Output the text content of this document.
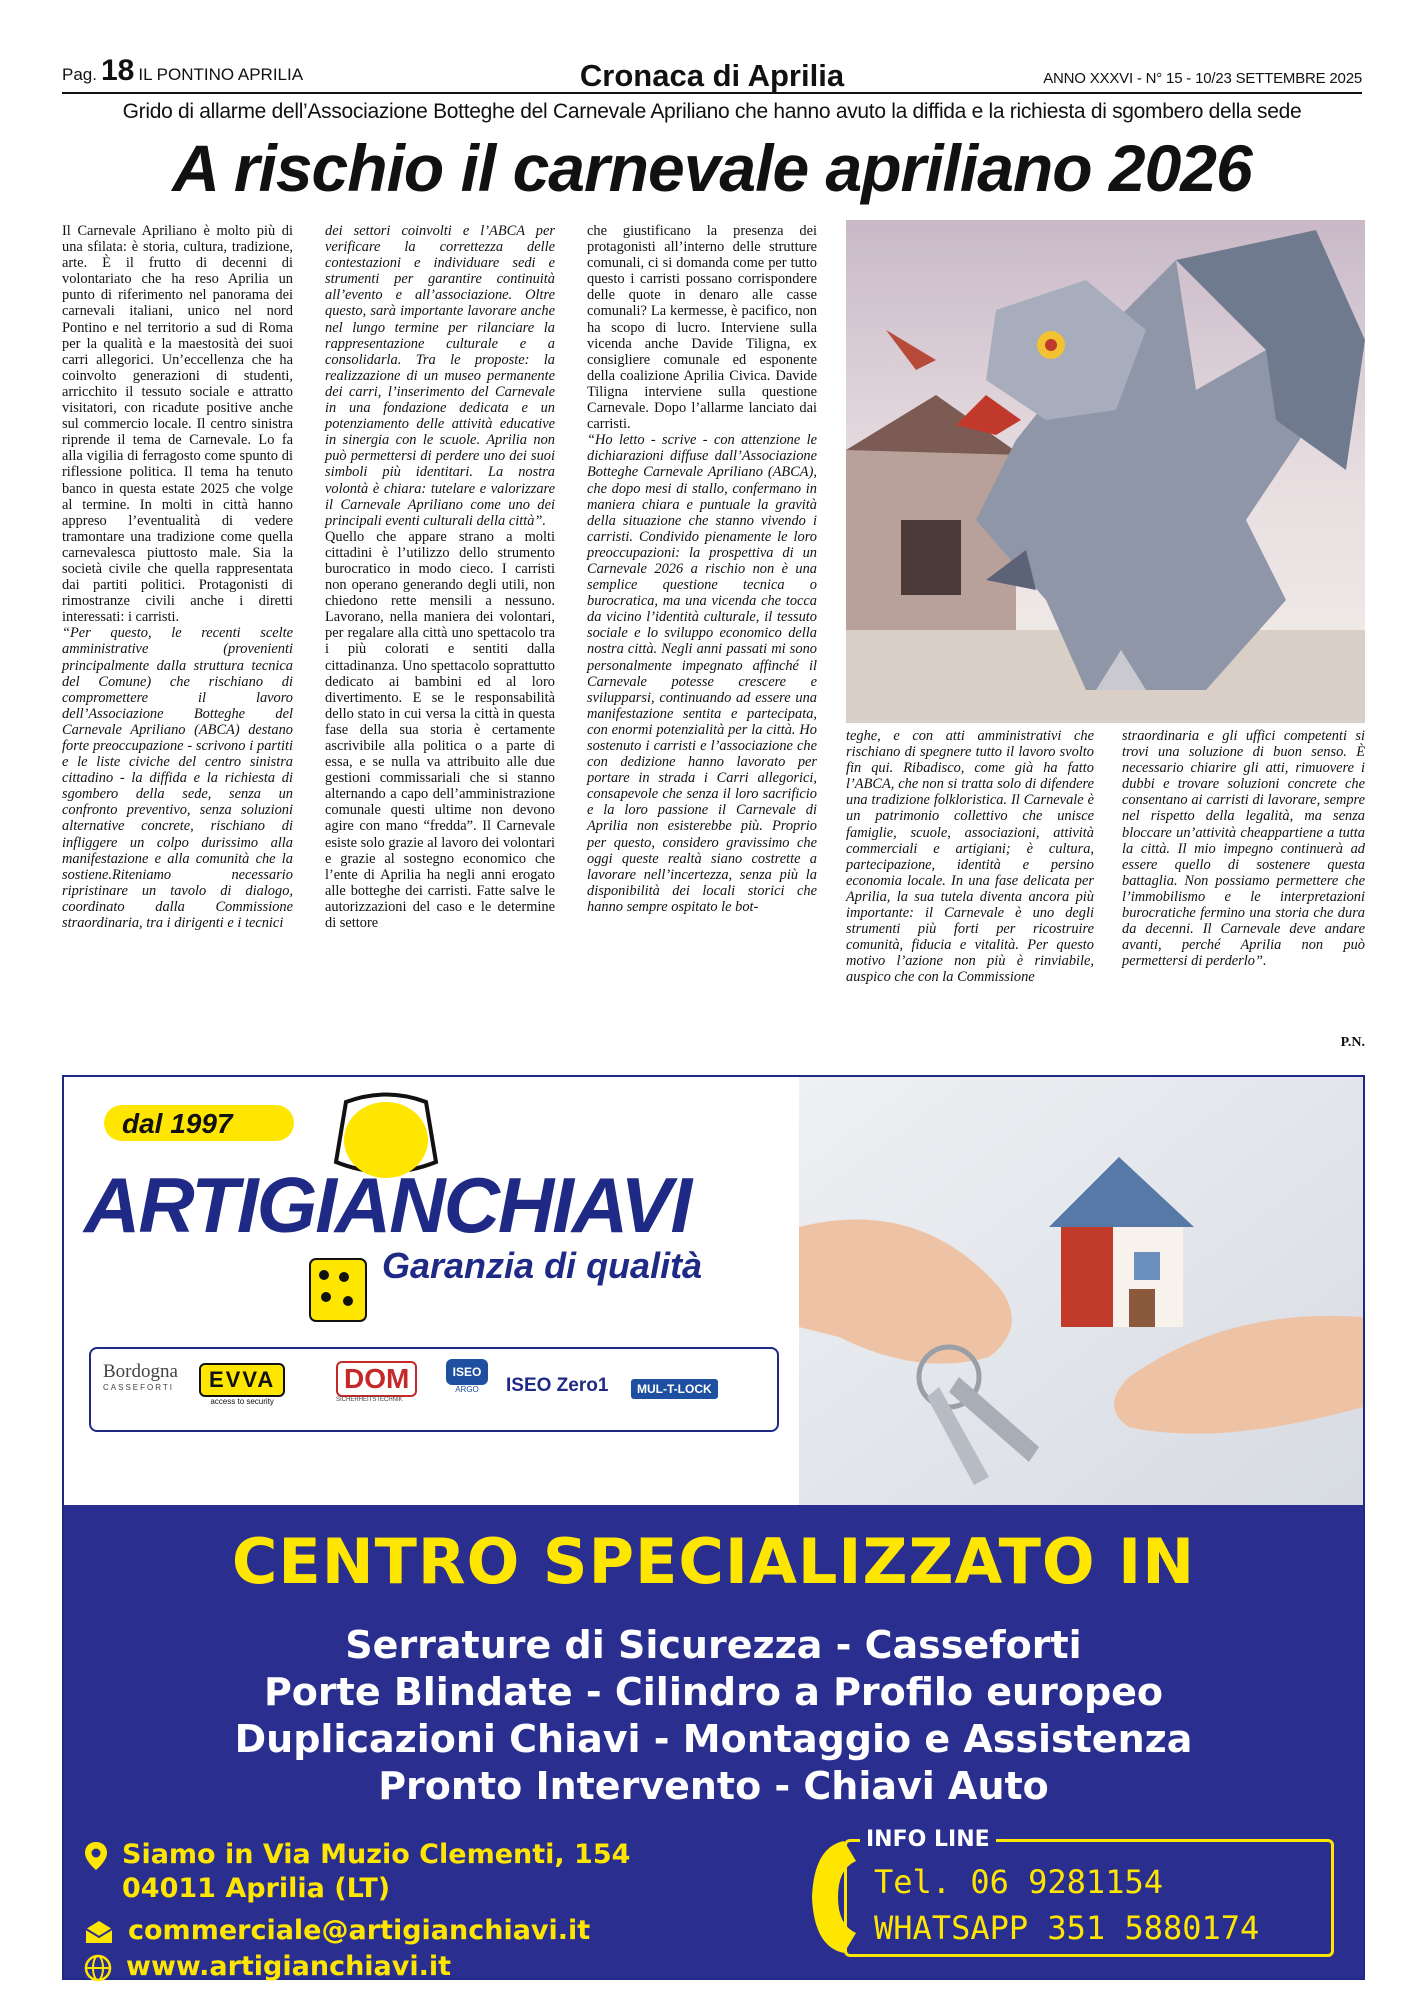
Pag. 18 IL PONTINO APRILIA	Cronaca di Aprilia	ANNO XXXVI - N° 15 - 10/23 SETTEMBRE 2025
Grido di allarme dell’Associazione Botteghe del Carnevale Apriliano che hanno avuto la diffida e la richiesta di sgombero della sede
A rischio il carnevale apriliano 2026

Il Carnevale Apriliano è molto più di una sfilata: è storia, cultura, tradizione, arte. È il frutto di decenni di volontariato che ha reso Aprilia un punto di riferimento nel panorama dei carnevali italiani, unico nel nord Pontino e nel territorio a sud di Roma per la qualità e la maestosità dei suoi carri allegorici. Un’eccellenza che ha coinvolto generazioni di studenti, arricchito il tessuto sociale e attratto visitatori, con ricadute positive anche sul commercio locale. Il centro sinistra riprende il tema de Carnevale. Lo fa alla vigilia di ferragosto come spunto di riflessione politica. Il tema ha tenuto banco in questa estate 2025 che volge al termine. In molti in città hanno appreso l’eventualità di vedere tramontare una tradizione come quella carnevalesca piuttosto male. Sia la società civile che quella rappresentata dai partiti politici. Protagonisti di rimostranze civili anche i diretti interessati: i carristi.

“Per questo, le recenti scelte amministrative (provenienti principalmente dalla struttura tecnica del Comune) che rischiano di compromettere il lavoro dell’Associazione Botteghe del Carnevale Apriliano (ABCA) destano forte preoccupazione - scrivono i partiti e le liste civiche del centro sinistra cittadino - la diffida e la richiesta di sgombero della sede, senza un confronto preventivo, senza soluzioni alternative concrete, rischiano di infliggere un colpo durissimo alla manifestazione e alla comunità che la sostiene.Riteniamo necessario ripristinare un tavolo di dialogo, coordinato dalla Commissione straordinaria, tra i dirigenti e i tecnici

dei settori coinvolti e l’ABCA per verificare la correttezza delle contestazioni e individuare sedi e strumenti per garantire continuità all’evento e all’associazione. Oltre questo, sarà importante lavorare anche nel lungo termine per rilanciare la rappresentazione culturale e a consolidarla. Tra le proposte: la realizzazione di un museo permanente dei carri, l’inserimento del Carnevale in una fondazione dedicata e un potenziamento delle attività educative in sinergia con le scuole. Aprilia non può permettersi di perdere uno dei suoi simboli più identitari. La nostra volontà è chiara: tutelare e valorizzare il Carnevale Apriliano come uno dei principali eventi culturali della città”.

Quello che appare strano a molti cittadini è l’utilizzo dello strumento burocratico in modo cieco. I carristi non operano generando degli utili, non chiedono rette mensili a nessuno. Lavorano, nella maniera dei volontari, per regalare alla città uno spettacolo tra i più colorati e sentiti dalla cittadinanza. Uno spettacolo soprattutto dedicato ai bambini ed al loro divertimento. E se le responsabilità dello stato in cui versa la città in questa fase della sua storia è certamente ascrivibile alla politica o a parte di essa, e se nulla va attribuito alle due gestioni commissariali che si stanno alternando a capo dell’amministrazione comunale questi ultime non devono agire con mano “fredda”. Il Carnevale esiste solo grazie al lavoro dei volontari e grazie al sostegno economico che l’ente di Aprilia ha negli anni erogato alle botteghe dei carristi. Fatte salve le autorizzazioni del caso e le determine di settore

che giustificano la presenza dei protagonisti all’interno delle strutture comunali, ci si domanda come per tutto questo i carristi possano corrispondere delle quote in denaro alle casse comunali? La kermesse, è pacifico, non ha scopo di lucro. Interviene sulla vicenda anche Davide Tiligna, ex consigliere comunale ed esponente della coalizione Aprilia Civica. Davide Tiligna interviene sulla questione Carnevale. Dopo l’allarme lanciato dai carristi.

“Ho letto - scrive - con attenzione le dichiarazioni diffuse dall’Associazione Botteghe Carnevale Apriliano (ABCA), che dopo mesi di stallo, confermano in maniera chiara e puntuale la gravità della situazione che stanno vivendo i carristi. Condivido pienamente le loro preoccupazioni: la prospettiva di un Carnevale 2026 a rischio non è una semplice questione tecnica o burocratica, ma una vicenda che tocca da vicino l’identità culturale, il tessuto sociale e lo sviluppo economico della nostra città. Negli anni passati mi sono personalmente impegnato affinché il Carnevale potesse crescere e svilupparsi, continuando ad essere una manifestazione sentita e partecipata, con enormi potenzialità per la città. Ho sostenuto i carristi e l’associazione che con dedizione hanno lavorato per portare in strada i Carri allegorici, consapevole che senza il loro sacrificio e la loro passione il Carnevale di Aprilia non esisterebbe più. Proprio per questo, considero gravissimo che oggi queste realtà siano costrette a lavorare nell’incertezza, senza più la disponibilità dei locali storici che hanno sempre ospitato le bot-

teghe, e con atti amministrativi che rischiano di spegnere tutto il lavoro svolto fin qui. Ribadisco, come già ha fatto l’ABCA, che non si tratta solo di difendere una tradizione folkloristica. Il Carnevale è un patrimonio collettivo che unisce famiglie, scuole, associazioni, attività commerciali e artigiani; è cultura, partecipazione, identità e persino economia locale. In una fase delicata per Aprilia, la sua tutela diventa ancora più importante: il Carnevale è uno degli strumenti più forti per ricostruire comunità, fiducia e vitalità. Per questo motivo l’azione non più è rinviabile, auspico che con la Commissione

straordinaria e gli uffici competenti si trovi una soluzione di buon senso. È necessario chiarire gli atti, rimuovere i dubbi e trovare soluzioni concrete che consentano ai carristi di lavorare, sempre nel rispetto della legalità, ma senza bloccare un’attività cheappartiene a tutta la città. Il mio impegno continuerà ad essere quello di sostenere questa battaglia. Non possiamo permettere che l’immobilismo e le interpretazioni burocratiche fermino una storia che dura da decenni. Il Carnevale deve andare avanti, perché Aprilia non può permettersi di perderlo”.

P.N.
dal 1997
ARTIGIANCHIAVI
Garanzia di qualità
Bordogna
CASSEFORTI	EVVA
access to security
DOM
SICHERHEITSTECHNIK
ISEO
ARGO	ISEO Zero1	MUL-T-LOCK
CENTRO SPECIALIZZATO IN
Serrature di Sicurezza - Casseforti
Porte Blindate - Cilindro a Profilo europeo
Duplicazioni Chiavi - Montaggio e Assistenza
Pronto Intervento - Chiavi Auto
Siamo in Via Muzio Clementi, 154
04011 Aprilia (LT)
commerciale@artigianchiavi.it
www.artigianchiavi.it
INFO LINE
Tel. 06 9281154
WHATSAPP 351 5880174
